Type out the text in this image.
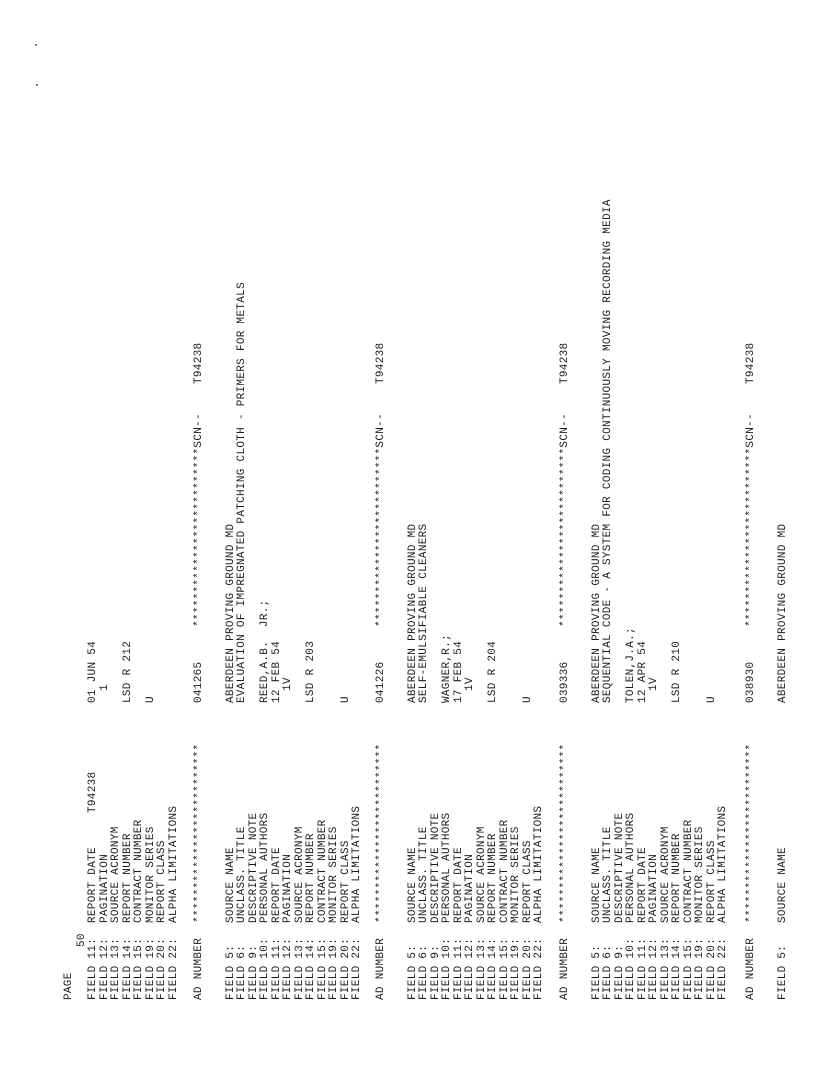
PAGE
50
T94238
FIELD 11:
REPORT DATE
FIELD 12:
PAGINATION
FIELD 13:
SOURCE ACRONYM
FIELD 14:
REPORT NUMBER
FIELD 15:
CONTRACT NUMBER
FIELD 19:
MONITOR SERIES
FIELD 20:
REPORT CLASS
FIELD 22:
ALPHA LIMITATIONS
01 JUN 54 1 LSD R 212 U
AD NUMBER
**************************
041265
**************************SCN--
T94238
FIELD 5:
SOURCE NAME
FIELD 6:
UNCLASS. TITLE
FIELD 9:
DESCRIPTIVE NOTE
FIELD 10:
PERSONAL AUTHORS
FIELD 11:
REPORT DATE
FIELD 12:
PAGINATION
FIELD 13:
SOURCE ACRONYM
FIELD 14:
REPORT NUMBER
FIELD 15:
CONTRACT NUMBER
FIELD 19:
MONITOR SERIES
FIELD 20:
REPORT CLASS
FIELD 22:
ALPHA LIMITATIONS
ABERDEEN PROVING GROUND MD EVALUATION OF IMPREGNATED PATCHING CLOTH - PRIMERS FOR METALS REED,A.B.  JR.; 12 FEB 54 1V LSD R 203 U
AD NUMBER
**************************
041226
**************************SCN--
T94238
FIELD 5:
SOURCE NAME
FIELD 6:
UNCLASS. TITLE
FIELD 9:
DESCRIPTIVE NOTE
FIELD 10:
PERSONAL AUTHORS
FIELD 11:
REPORT DATE
FIELD 12:
PAGINATION
FIELD 13:
SOURCE ACRONYM
FIELD 14:
REPORT NUMBER
FIELD 15:
CONTRACT NUMBER
FIELD 19:
MONITOR SERIES
FIELD 20:
REPORT CLASS
FIELD 22:
ALPHA LIMITATIONS
ABERDEEN PROVING GROUND MD SELF-EMULSIFIABLE CLEANERS WAGNER,R.; 17 FEB 54 1V LSD R 204 U
AD NUMBER
**************************
039336
**************************SCN--
T94238
FIELD 5:
SOURCE NAME
FIELD 6:
UNCLASS. TITLE
FIELD 9:
DESCRIPTIVE NOTE
FIELD 10:
PERSONAL AUTHORS
FIELD 11:
REPORT DATE
FIELD 12:
PAGINATION
FIELD 13:
SOURCE ACRONYM
FIELD 14:
REPORT NUMBER
FIELD 15:
CONTRACT NUMBER
FIELD 19:
MONITOR SERIES
FIELD 20:
REPORT CLASS
FIELD 22:
ALPHA LIMITATIONS
ABERDEEN PROVING GROUND MD SEQUENTIAL CODE - A SYSTEM FOR CODING CONTINUOUSLY MOVING RECORDING MEDIA TOLEN,J.A.; 12 APR 54 1V LSD R 210 U
AD NUMBER
**************************
038930
**************************SCN--
T94238
FIELD 5:
SOURCE NAME
ABERDEEN PROVING GROUND MD
